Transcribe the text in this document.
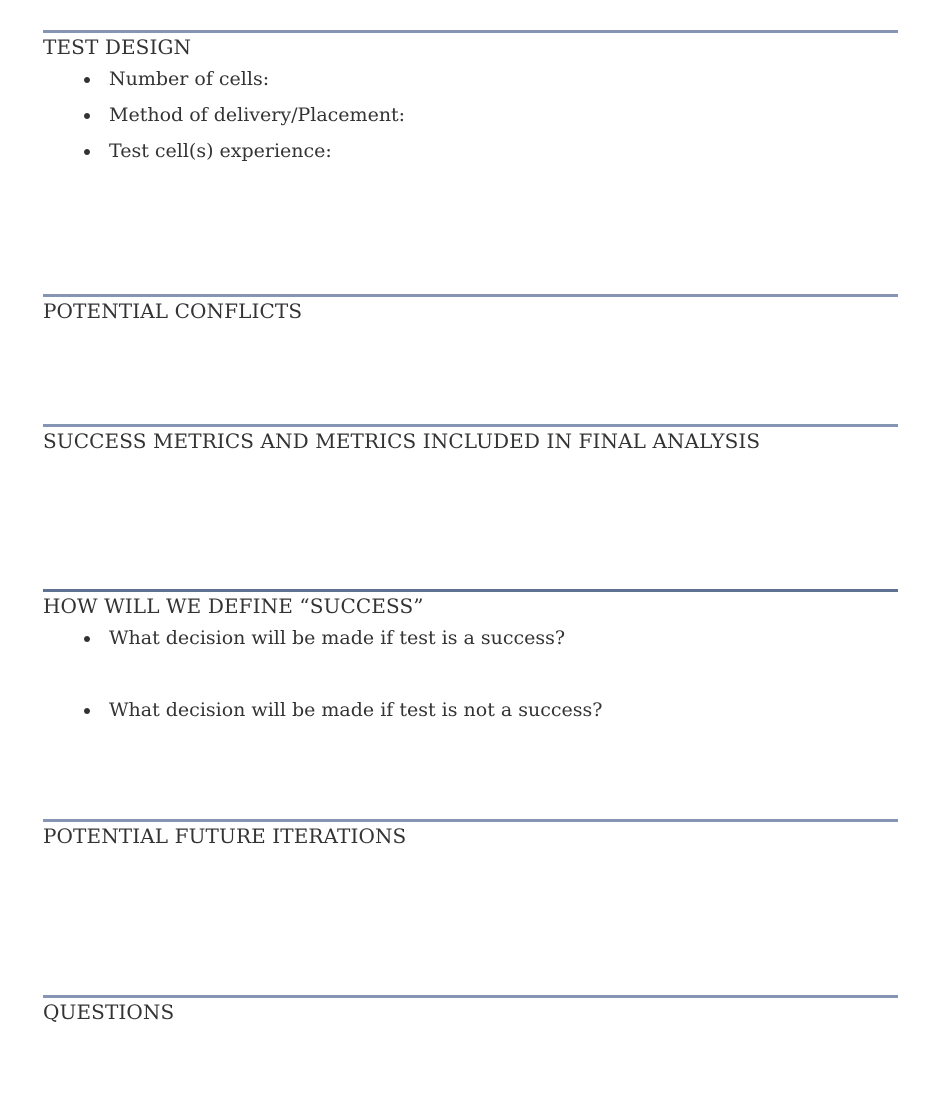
TEST DESIGN
Number of cells:
Method of delivery/Placement:
Test cell(s) experience:
POTENTIAL CONFLICTS
SUCCESS METRICS AND METRICS INCLUDED IN FINAL ANALYSIS
HOW WILL WE DEFINE “SUCCESS”
What decision will be made if test is a success?
What decision will be made if test is not a success?
POTENTIAL FUTURE ITERATIONS
QUESTIONS
